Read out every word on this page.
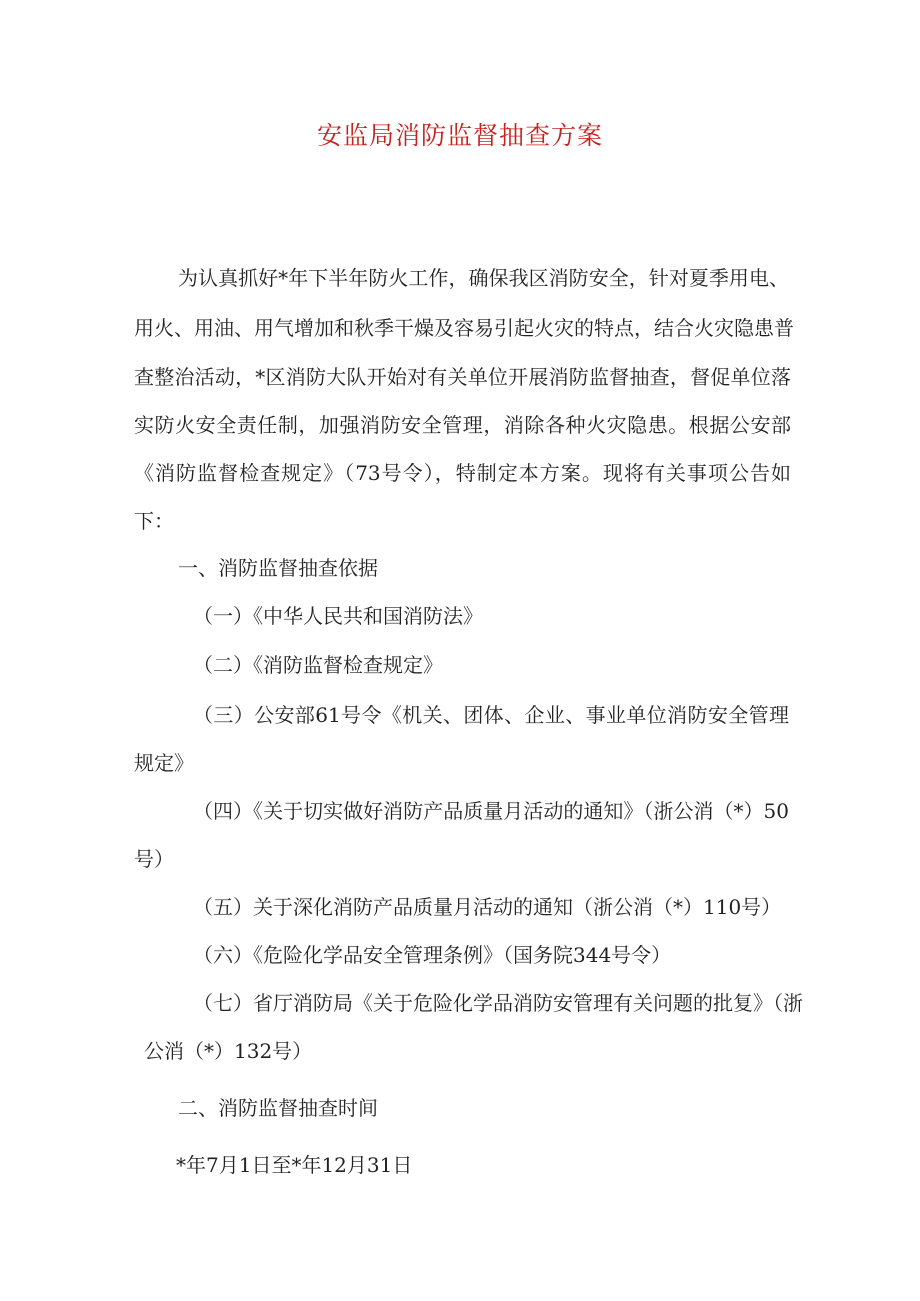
安监局消防监督抽查方案
为认真抓好*年下半年防火工作，确保我区消防安全，针对夏季用电、
用火、用油、用气增加和秋季干燥及容易引起火灾的特点，结合火灾隐患普
查整治活动，*区消防大队开始对有关单位开展消防监督抽查，督促单位落
实防火安全责任制，加强消防安全管理，消除各种火灾隐患。根据公安部
《消防监督检查规定》（73号令），特制定本方案。现将有关事项公告如
下：
一、消防监督抽查依据
（一）《中华人民共和国消防法》
（二）《消防监督检查规定》
（三）公安部61号令《机关、团体、企业、事业单位消防安全管理
规定》
（四）《关于切实做好消防产品质量月活动的通知》（浙公消（*）50
号）
（五）关于深化消防产品质量月活动的通知（浙公消（*）110号）
（六）《危险化学品安全管理条例》（国务院344号令）
（七）省厅消防局《关于危险化学品消防安管理有关问题的批复》（浙
公消（*）132号）
二、消防监督抽查时间
*年7月1日至*年12月31日
